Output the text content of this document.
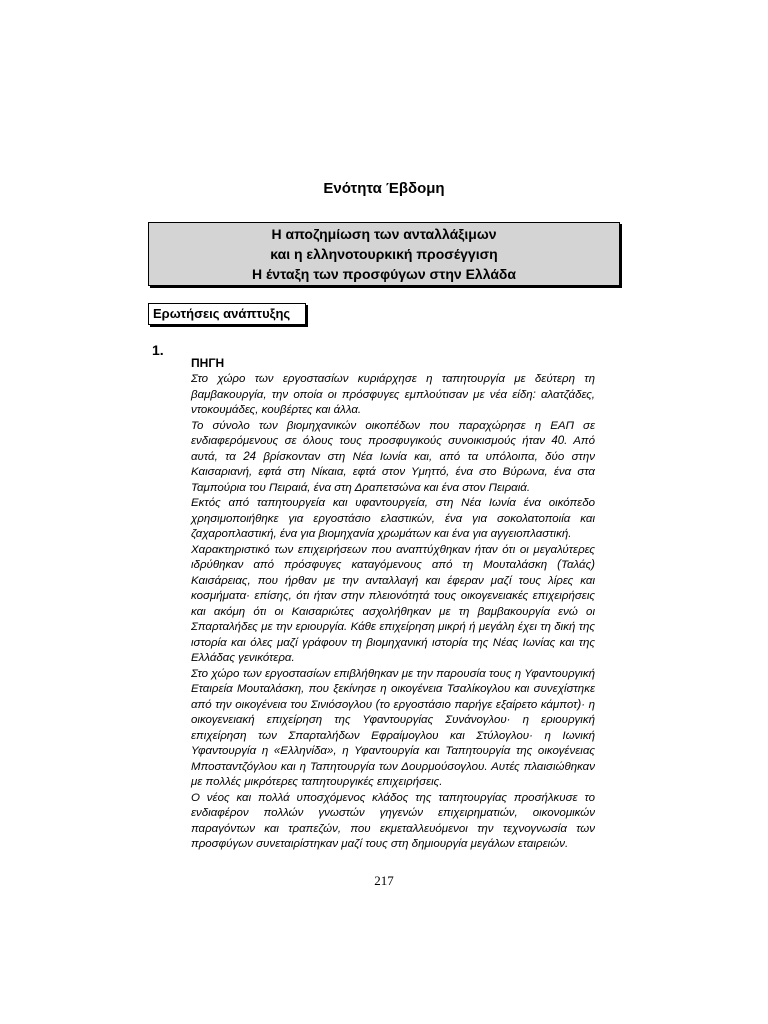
Ενότητα Έβδομη
Η αποζημίωση των ανταλλάξιμων
και η ελληνοτουρκική προσέγγιση
Η ένταξη των προσφύγων στην Ελλάδα
Ερωτήσεις ανάπτυξης
1.
ΠΗΓΗ

Στο χώρο των εργοστασίων κυριάρχησε η ταπητουργία με δεύτερη τη βαμβακουργία, την οποία οι πρόσφυγες εμπλούτισαν με νέα είδη: αλατζάδες, ντοκουμάδες, κουβέρτες και άλλα.

Το σύνολο των βιομηχανικών οικοπέδων που παραχώρησε η ΕΑΠ σε ενδιαφερόμενους σε όλους τους προσφυγικούς συνοικισμούς ήταν 40. Από αυτά, τα 24 βρίσκονταν στη Νέα Ιωνία και, από τα υπόλοιπα, δύο στην Καισαριανή, εφτά στη Νίκαια, εφτά στον Υμηττό, ένα στο Βύρωνα, ένα στα Ταμπούρια του Πειραιά, ένα στη Δραπετσώνα και ένα στον Πειραιά.

Εκτός από ταπητουργεία και υφαντουργεία, στη Νέα Ιωνία ένα οικόπεδο χρησιμοποιήθηκε για εργοστάσιο ελαστικών, ένα για σοκολατοποιία και ζαχαροπλαστική, ένα για βιομηχανία χρωμάτων και ένα για αγγειοπλαστική.

Χαρακτηριστικό των επιχειρήσεων που αναπτύχθηκαν ήταν ότι οι μεγαλύτερες ιδρύθηκαν από πρόσφυγες καταγόμενους από τη Μουταλάσκη (Ταλάς) Καισάρειας, που ήρθαν με την ανταλλαγή και έφεραν μαζί τους λίρες και κοσμήματα· επίσης, ότι ήταν στην πλειονότητά τους οικογενειακές επιχειρήσεις και ακόμη ότι οι Καισαριώτες ασχολήθηκαν με τη βαμβακουργία ενώ οι Σπαρταλήδες με την εριουργία. Κάθε επιχείρηση μικρή ή μεγάλη έχει τη δική της ιστορία και όλες μαζί γράφουν τη βιομηχανική ιστορία της Νέας Ιωνίας και της Ελλάδας γενικότερα.

Στο χώρο των εργοστασίων επιβλήθηκαν με την παρουσία τους η Υφαντουργική Εταιρεία Μουταλάσκη, που ξεκίνησε η οικογένεια Τσαλίκογλου και συνεχίστηκε από την οικογένεια του Σινιόσογλου (το εργοστάσιο παρήγε εξαίρετο κάμποτ)· η οικογενειακή επιχείρηση της Υφαντουργίας Συνάνογλου· η εριουργική επιχείρηση των Σπαρταλήδων Εφραίμογλου και Στύλογλου· η Ιωνική Υφαντουργία η «Ελληνίδα», η Υφαντουργία και Ταπητουργία της οικογένειας Μποσταντζόγλου και η Ταπητουργία των Δουρμούσογλου. Αυτές πλαισιώθηκαν με πολλές μικρότερες ταπητουργικές επιχειρήσεις.

Ο νέος και πολλά υποσχόμενος κλάδος της ταπητουργίας προσήλκυσε το ενδιαφέρον πολλών γνωστών γηγενών επιχειρηματιών, οικονομικών παραγόντων και τραπεζών, που εκμεταλλευόμενοι την τεχνογνωσία των προσφύγων συνεταιρίστηκαν μαζί τους στη δημιουργία μεγάλων εταιρειών.

217
